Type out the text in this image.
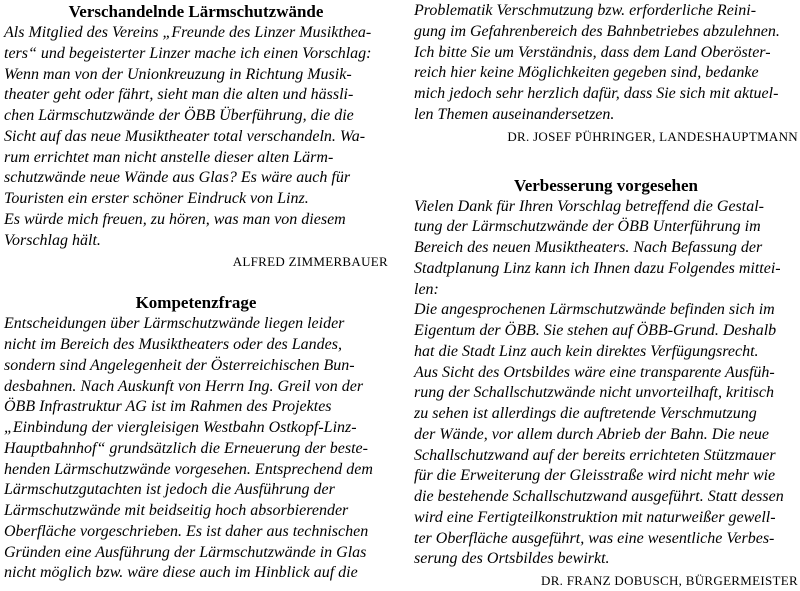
Verschandelnde Lärmschutzwände
Als Mitglied des Vereins „Freunde des Linzer Musikthea-
ters“ und begeisterter Linzer mache ich einen Vorschlag:
Wenn man von der Unionkreuzung in Richtung Musik-
theater geht oder fährt, sieht man die alten und hässli-
chen Lärmschutzwände der ÖBB Überführung, die die
Sicht auf das neue Musiktheater total verschandeln. Wa-
rum errichtet man nicht anstelle dieser alten Lärm-
schutzwände neue Wände aus Glas? Es wäre auch für
Touristen ein erster schöner Eindruck von Linz.
Es würde mich freuen, zu hören, was man von diesem
Vorschlag hält.

ALFRED ZIMMERBAUER

Kompetenzfrage
Entscheidungen über Lärmschutzwände liegen leider
nicht im Bereich des Musiktheaters oder des Landes,
sondern sind Angelegenheit der Österreichischen Bun-
desbahnen. Nach Auskunft von Herrn Ing. Greil von der
ÖBB Infrastruktur AG ist im Rahmen des Projektes
„Einbindung der viergleisigen Westbahn Ostkopf-Linz-
Hauptbahnhof“ grundsätzlich die Erneuerung der beste-
henden Lärmschutzwände vorgesehen. Entsprechend dem
Lärmschutzgutachten ist jedoch die Ausführung der
Lärmschutzwände mit beidseitig hoch absorbierender
Oberfläche vorgeschrieben. Es ist daher aus technischen
Gründen eine Ausführung der Lärmschutzwände in Glas
nicht möglich bzw. wäre diese auch im Hinblick auf die
Problematik Verschmutzung bzw. erforderliche Reini-
gung im Gefahrenbereich des Bahnbetriebes abzulehnen.
Ich bitte Sie um Verständnis, dass dem Land Oberöster-
reich hier keine Möglichkeiten gegeben sind, bedanke
mich jedoch sehr herzlich dafür, dass Sie sich mit aktuel-
len Themen auseinandersetzen.

DR. JOSEF PÜHRINGER, LANDESHAUPTMANN

Verbesserung vorgesehen
Vielen Dank für Ihren Vorschlag betreffend die Gestal-
tung der Lärmschutzwände der ÖBB Unterführung im
Bereich des neuen Musiktheaters. Nach Befassung der
Stadtplanung Linz kann ich Ihnen dazu Folgendes mittei-
len:
Die angesprochenen Lärmschutzwände befinden sich im
Eigentum der ÖBB. Sie stehen auf ÖBB-Grund. Deshalb
hat die Stadt Linz auch kein direktes Verfügungsrecht.
Aus Sicht des Ortsbildes wäre eine transparente Ausfüh-
rung der Schallschutzwände nicht unvorteilhaft, kritisch
zu sehen ist allerdings die auftretende Verschmutzung
der Wände, vor allem durch Abrieb der Bahn. Die neue
Schallschutzwand auf der bereits errichteten Stützmauer
für die Erweiterung der Gleisstraße wird nicht mehr wie
die bestehende Schallschutzwand ausgeführt. Statt dessen
wird eine Fertigteilkonstruktion mit naturweißer gewell-
ter Oberfläche ausgeführt, was eine wesentliche Verbes-
serung des Ortsbildes bewirkt.

DR. FRANZ DOBUSCH, BÜRGERMEISTER
